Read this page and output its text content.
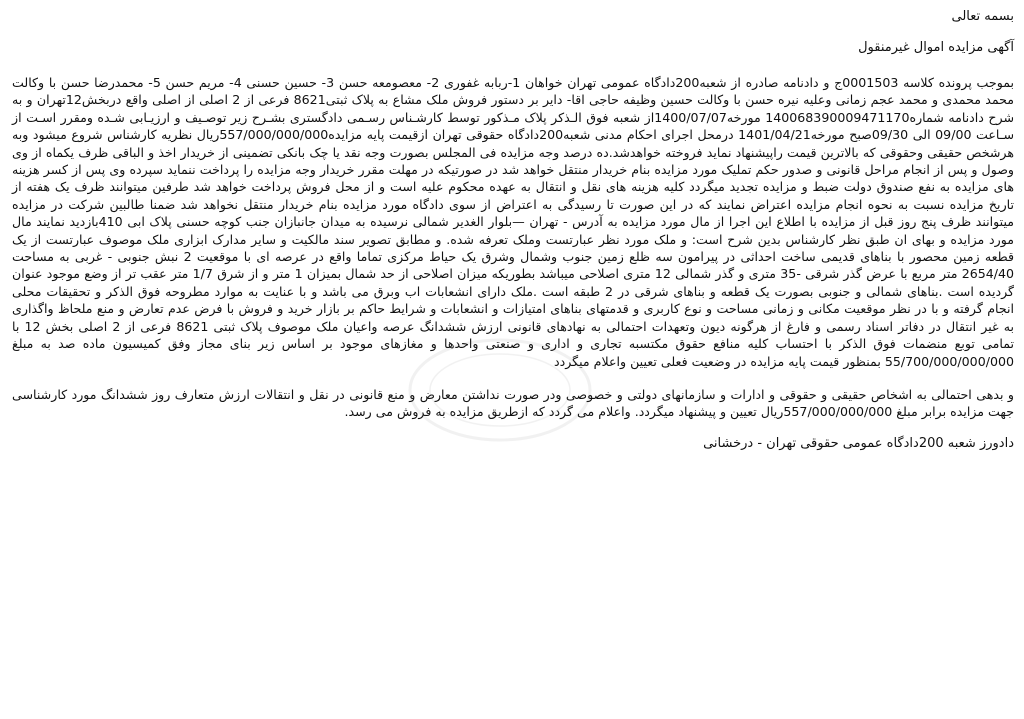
بسمه تعالی
آگهی مزایده اموال غیرمنقول

بموجب پرونده کلاسه 0001503ج و دادنامه صادره از شعبه200دادگاه عمومی تهران خواهان 1-ربابه غفوری 2- معصومعه حسن 3- حسین حسنی 4- مریم حسن 5- محمدرضا حسن با وکالت محمد محمدی و محمد عجم زمانی وعلیه نیره حسن با وکالت حسین وظیفه حاجی اقا- دایر بر دستور فروش ملک مشاع به پلاک ثبتی8621 فرعی از 2 اصلی از اصلی واقع دربخش12تهران و به شرح دادنامه شماره140068390009471170 مورخه1400/07/07از شعبه فوق الـذکر پلاک مـذکور توسط کارشـناس رسـمی دادگستری بشـرح زیر توصـیف و ارزیـابی شـده ومقرر اسـت از سـاعت 09/00 الی 09/30صبح مورخه1401/04/21 درمحل اجرای احکام مدنی شعبه200دادگاه حقوقی تهران ازقیمت پایه مزایده557/000/000/000ریال نظریه کارشناس شروع میشود وبه هرشخص حقیقی وحقوقی که بالاترین قیمت راپیشنهاد نماید فروخته خواهدشد.ده درصد وجه مزایده فی المجلس بصورت وجه نقد یا چک بانکی تضمینی از خریدار اخذ و الباقی ظرف یکماه از وی وصول و پس از انجام مراحل قانونی و صدور حکم تملیک مورد مزایده بنام خریدار منتقل خواهد شد در صورتیکه در مهلت مقرر خریدار وجه مزایده را پرداخت ننماید سپرده وی پس از کسر هزینه های مزایده به نفع صندوق دولت ضبط و مزایده تجدید میگردد کلیه هزینه های نقل و انتقال به عهده محکوم علیه است و از محل فروش پرداخت خواهد شد طرفین میتوانند ظرف یک هفته از تاریخ مزایده نسبت به نحوه انجام مزایده اعتراض نمایند که در این صورت تا رسیدگی به اعتراض از سوی دادگاه مورد مزایده بنام خریدار منتقل نخواهد شد ضمنا طالبین شرکت در مزایده میتوانند ظرف پنج روز قبل از مزایده با اطلاع این اجرا از مال مورد مزایده به آدرس - تهران —بلوار الغدیر شمالی نرسیده به میدان جانبازان جنب کوچه حسنی پلاک ابی 410بازدید نمایند مال مورد مزایده و بهای ان طبق نظر کارشناس بدین شرح است: و ملک مورد نظر عبارتست وملک تعرفه شده. و مطابق تصویر سند مالکیت و سایر مدارک ابزاری ملک موصوف عبارتست از یک قطعه زمین محصور با بناهای قدیمی ساخت احداثی در پیرامون سه ظلع زمین جنوب وشمال وشرق یک حیاط مرکزی تماما واقع در عرصه ای با موقعیت 2 نبش جنوبی - غربی به مساحت 2654/40 متر مربع با عرض گذر شرقی -35 متری و گذر شمالی 12 متری اصلاحی میباشد بطوریکه میزان اصلاحی از حد شمال بمیزان 1 متر و از شرق 1/7 متر عقب تر از وضع موجود عنوان گردیده است .بناهای شمالی و جنوبی بصورت یک قطعه و بناهای شرقی در 2 طبقه است .ملک دارای انشعابات اب وبرق می باشد و با عنایت به موارد مطروحه فوق الذکر و تحقیقات محلی انجام گرفته و با در نظر موقعیت مکانی و زمانی مساحت و نوع کاربری و قدمتهای بناهای امتیازات و انشعابات و شرایط حاکم بر بازار خرید و فروش با فرض عدم تعارض و منع ملحاظ واگذاری به غیر انتقال در دفاتر اسناد رسمی و فارغ از هرگونه دیون وتعهدات احتمالی به نهادهای قانونی ارزش ششدانگ عرصه واعیان ملک موصوف پلاک ثبتی 8621 فرعی از 2 اصلی بخش 12 با تمامی توبع منضمات فوق الذکر با احتساب کلیه منافع حقوق مکتسبه تجاری و اداری و صنعتی واحدها و مغازهای موجود بر اساس زیر بنای مجاز وفق کمیسیون ماده صد به مبلغ 55/700/000/000/000 بمنظور قیمت پایه مزایده در وضعیت فعلی تعیین واعلام میگردد

و بدهی احتمالی به اشخاص حقیقی و حقوقی و ادارات و سازمانهای دولتی و خصوصی ودر صورت نداشتن معارض و منع قانونی در نقل و انتقالات ارزش متعارف روز ششدانگ مورد کارشناسی جهت مزایده برابر مبلغ 557/000/000/000ریال تعیین و پیشنهاد میگردد. واعلام می گردد که ازطریق مزایده به فروش می رسد.

دادورز شعبه 200دادگاه عمومی حقوقی تهران - درخشانی
